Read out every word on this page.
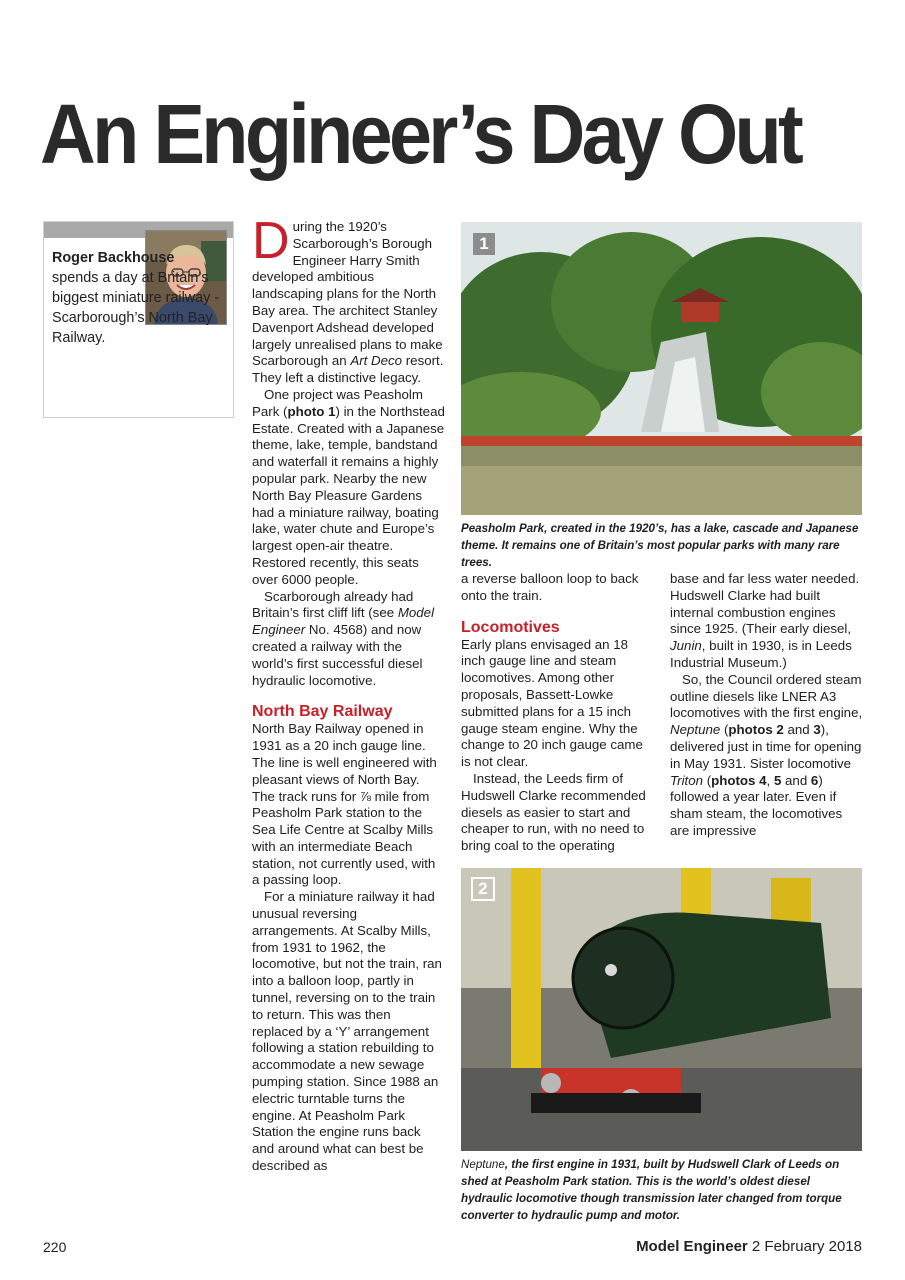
An Engineer’s Day Out
Roger Backhouse
spends a day at Britain’s biggest miniature railway - Scarborough’s North Bay Railway.

During the 1920’s Scarborough’s Borough Engineer Harry Smith developed ambitious landscaping plans for the North Bay area. The architect Stanley Davenport Adshead developed largely unrealised plans to make Scarborough an Art Deco resort. They left a distinctive legacy.

One project was Peasholm Park (photo 1) in the Northstead Estate. Created with a Japanese theme, lake, temple, bandstand and waterfall it remains a highly popular park. Nearby the new North Bay Pleasure Gardens had a miniature railway, boating lake, water chute and Europe’s largest open-air theatre. Restored recently, this seats over 6000 people.

Scarborough already had Britain’s first cliff lift (see Model Engineer No. 4568) and now created a railway with the world’s first successful diesel hydraulic locomotive.

North Bay Railway

North Bay Railway opened in 1931 as a 20 inch gauge line. The line is well engineered with pleasant views of North Bay. The track runs for ⅞ mile from Peasholm Park station to the Sea Life Centre at Scalby Mills with an intermediate Beach station, not currently used, with a passing loop.

For a miniature railway it had unusual reversing arrangements. At Scalby Mills, from 1931 to 1962, the locomotive, but not the train, ran into a balloon loop, partly in tunnel, reversing on to the train to return. This was then replaced by a ‘Y’ arrangement following a station rebuilding to accommodate a new sewage pumping station. Since 1988 an electric turntable turns the engine. At Peasholm Park Station the engine runs back and around what can best be described as

1
Peasholm Park, created in the 1920’s, has a lake, cascade and Japanese theme. It remains one of Britain’s most popular parks with many rare trees.

a reverse balloon loop to back onto the train.

Locomotives

Early plans envisaged an 18 inch gauge line and steam locomotives. Among other proposals, Bassett-Lowke submitted plans for a 15 inch gauge steam engine. Why the change to 20 inch gauge came is not clear.

Instead, the Leeds firm of Hudswell Clarke recommended diesels as easier to start and cheaper to run, with no need to bring coal to the operating

base and far less water needed. Hudswell Clarke had built internal combustion engines since 1925. (Their early diesel, Junin, built in 1930, is in Leeds Industrial Museum.)

So, the Council ordered steam outline diesels like LNER A3 locomotives with the first engine, Neptune (photos 2 and 3), delivered just in time for opening in May 1931. Sister locomotive Triton (photos 4, 5 and 6) followed a year later. Even if sham steam, the locomotives are impressive

2
Neptune, the first engine in 1931, built by Hudswell Clark of Leeds on shed at Peasholm Park station. This is the world’s oldest diesel hydraulic locomotive though transmission later changed from torque converter to hydraulic pump and motor.
220	Model Engineer 2 February 2018
